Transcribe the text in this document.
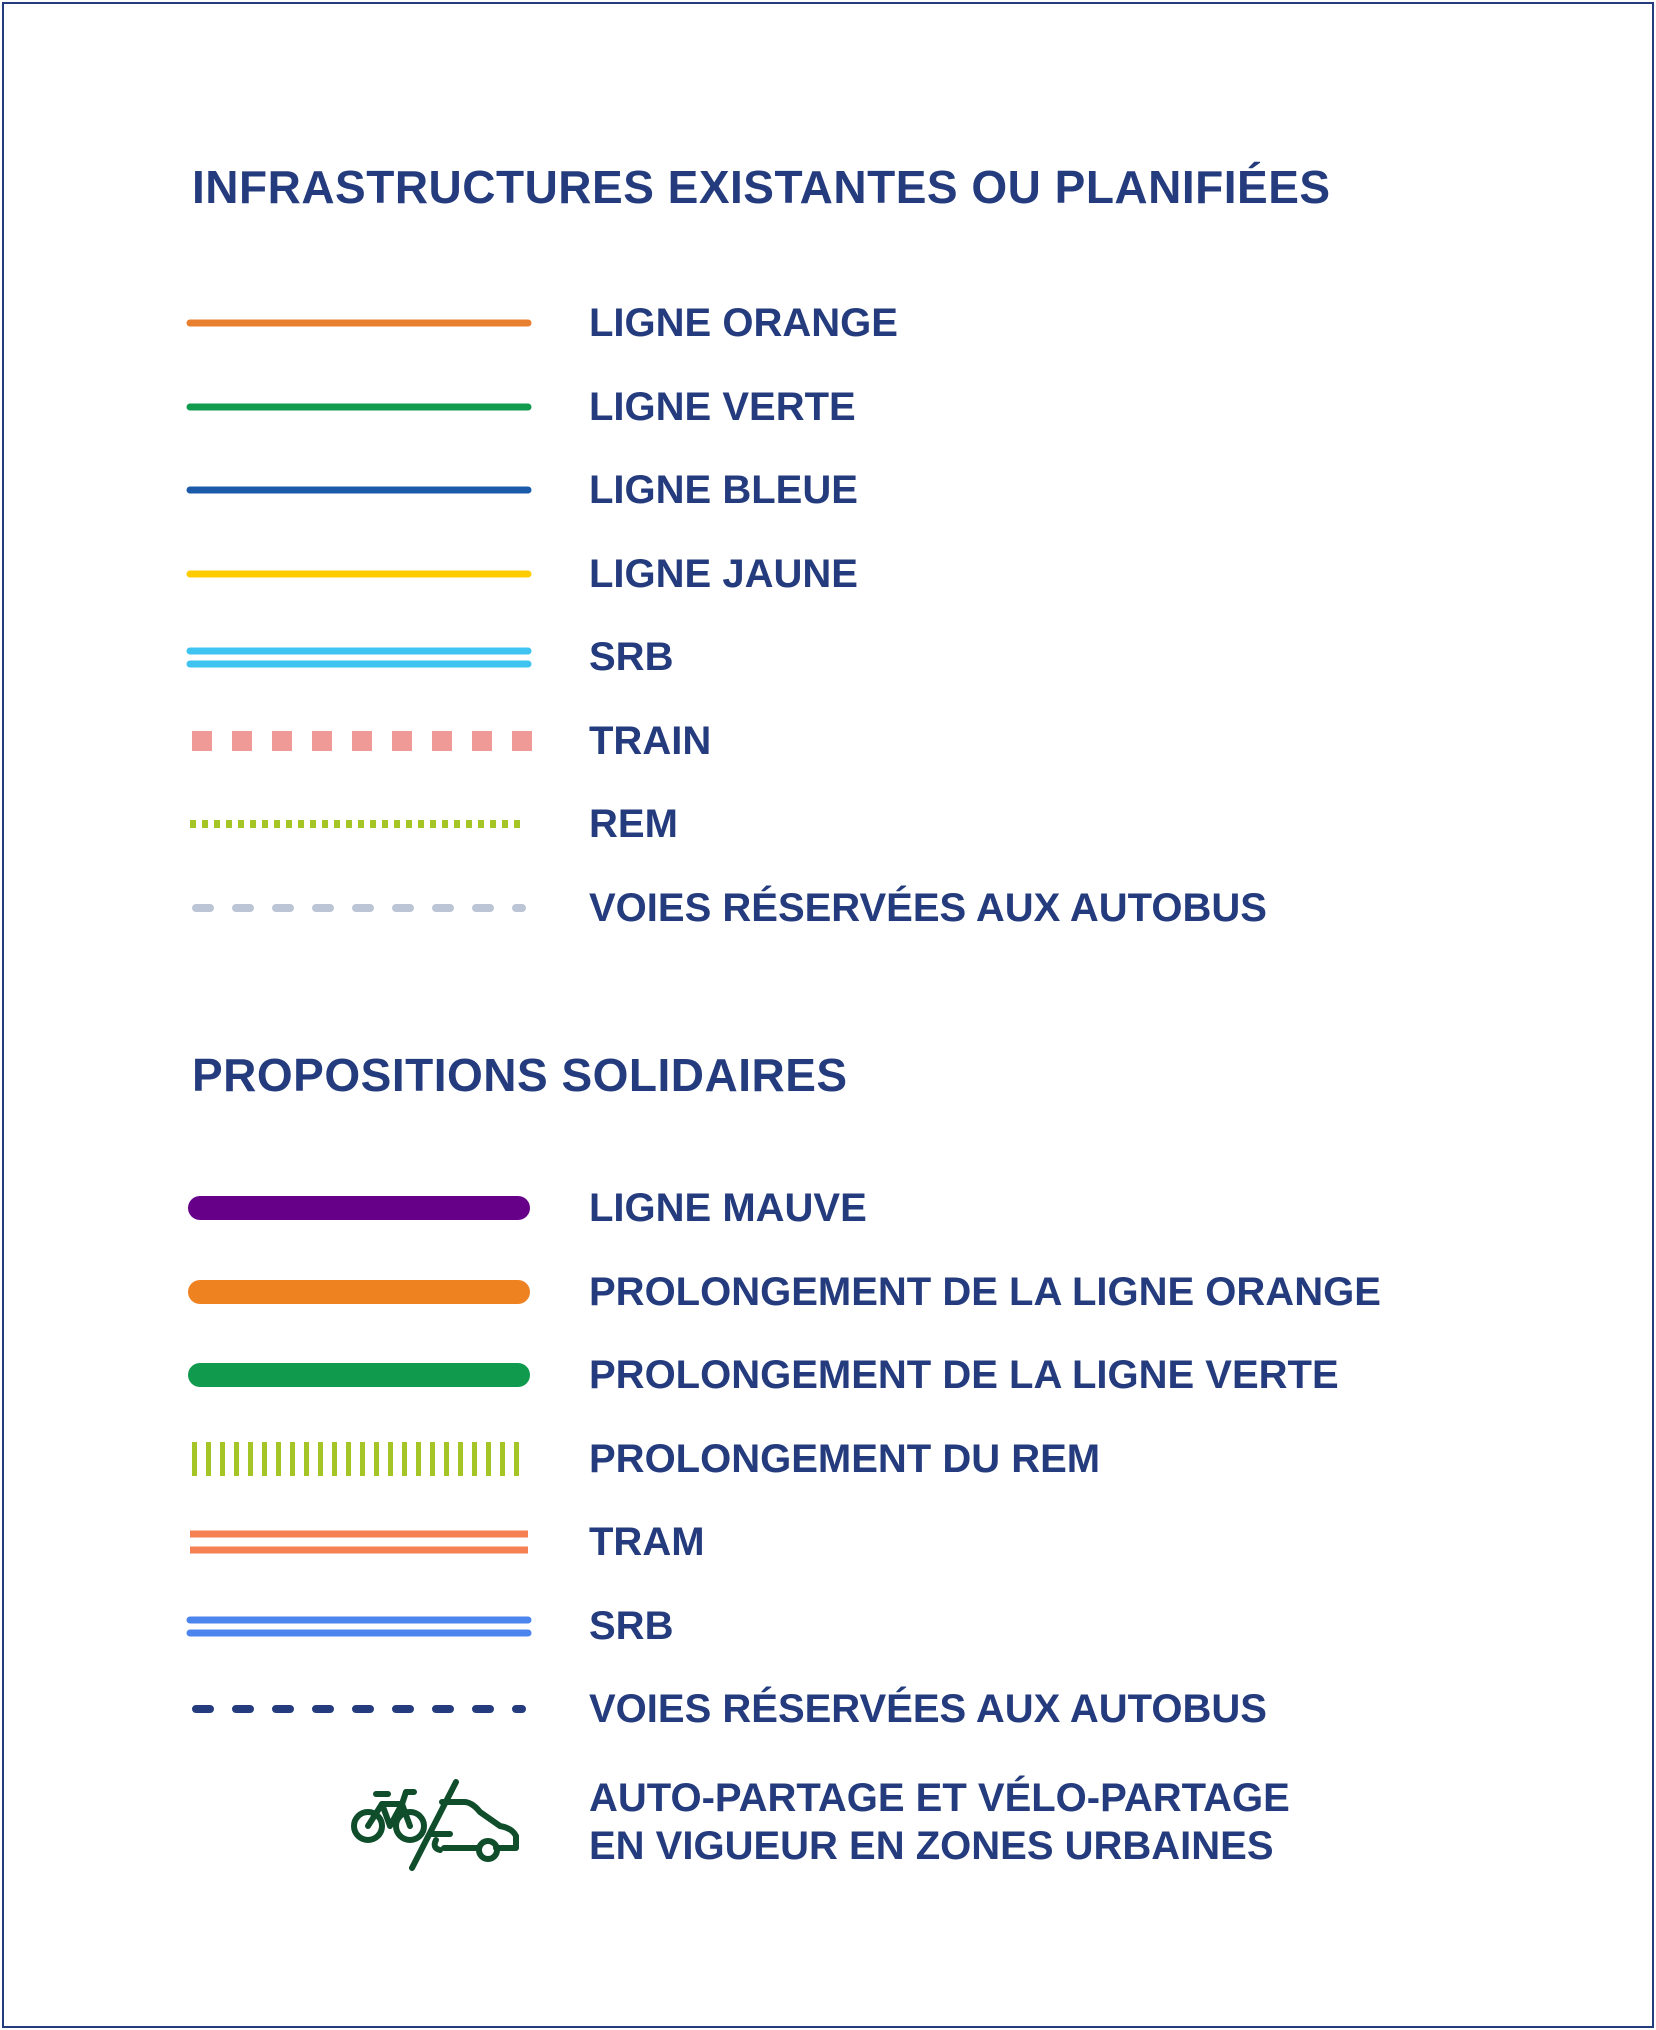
INFRASTRUCTURES EXISTANTES OU PLANIFIÉES
LIGNE ORANGE
LIGNE VERTE
LIGNE BLEUE
LIGNE JAUNE
SRB
TRAIN
REM
VOIES RÉSERVÉES AUX AUTOBUS
PROPOSITIONS SOLIDAIRES
LIGNE MAUVE
PROLONGEMENT DE LA LIGNE ORANGE
PROLONGEMENT DE LA LIGNE VERTE
PROLONGEMENT DU REM
TRAM
SRB
VOIES RÉSERVÉES AUX AUTOBUS
AUTO-PARTAGE ET VÉLO-PARTAGE
EN VIGUEUR EN ZONES URBAINES
